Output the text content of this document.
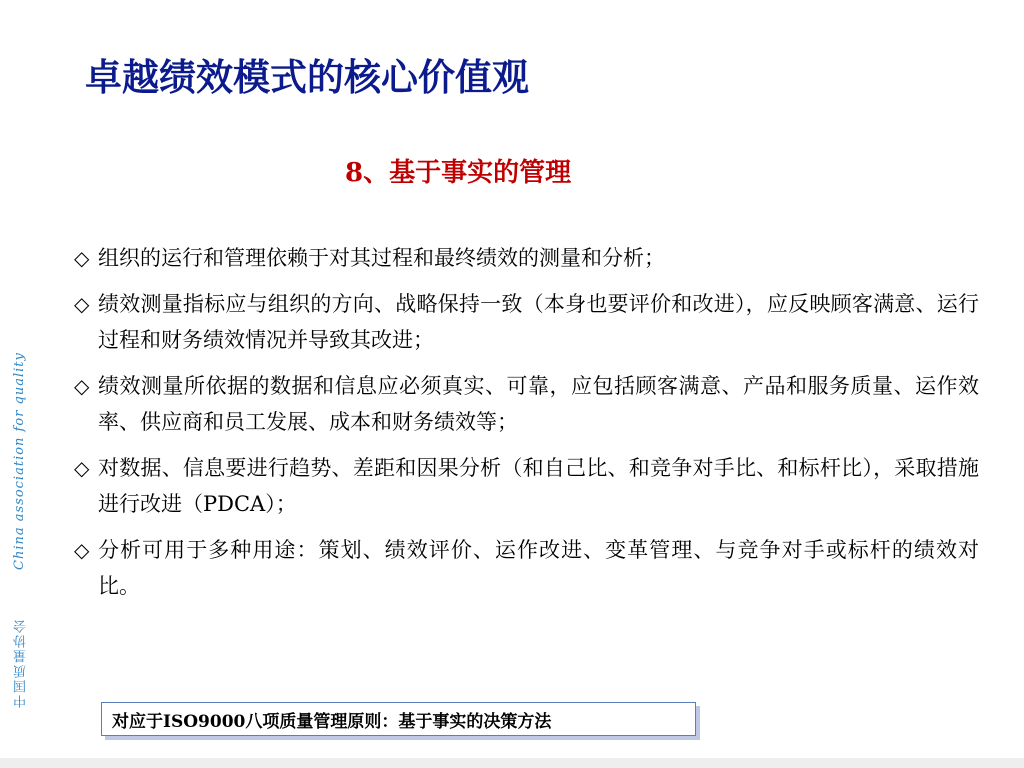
卓越绩效模式的核心价值观
8、基于事实的管理
◇ 组织的运行和管理依赖于对其过程和最终绩效的测量和分析；
◇ 绩效测量指标应与组织的方向、战略保持一致（本身也要评价和改进），应反映顾客满意、运行过程和财务绩效情况并导致其改进；
◇ 绩效测量所依据的数据和信息应必须真实、可靠，应包括顾客满意、产品和服务质量、运作效率、供应商和员工发展、成本和财务绩效等；
◇ 对数据、信息要进行趋势、差距和因果分析（和自己比、和竞争对手比、和标杆比），采取措施进行改进（PDCA）；
◇ 分析可用于多种用途：策划、绩效评价、运作改进、变革管理、与竞争对手或标杆的绩效对比。
China association for quality
中国质量协会
对应于ISO9000八项质量管理原则：基于事实的决策方法
